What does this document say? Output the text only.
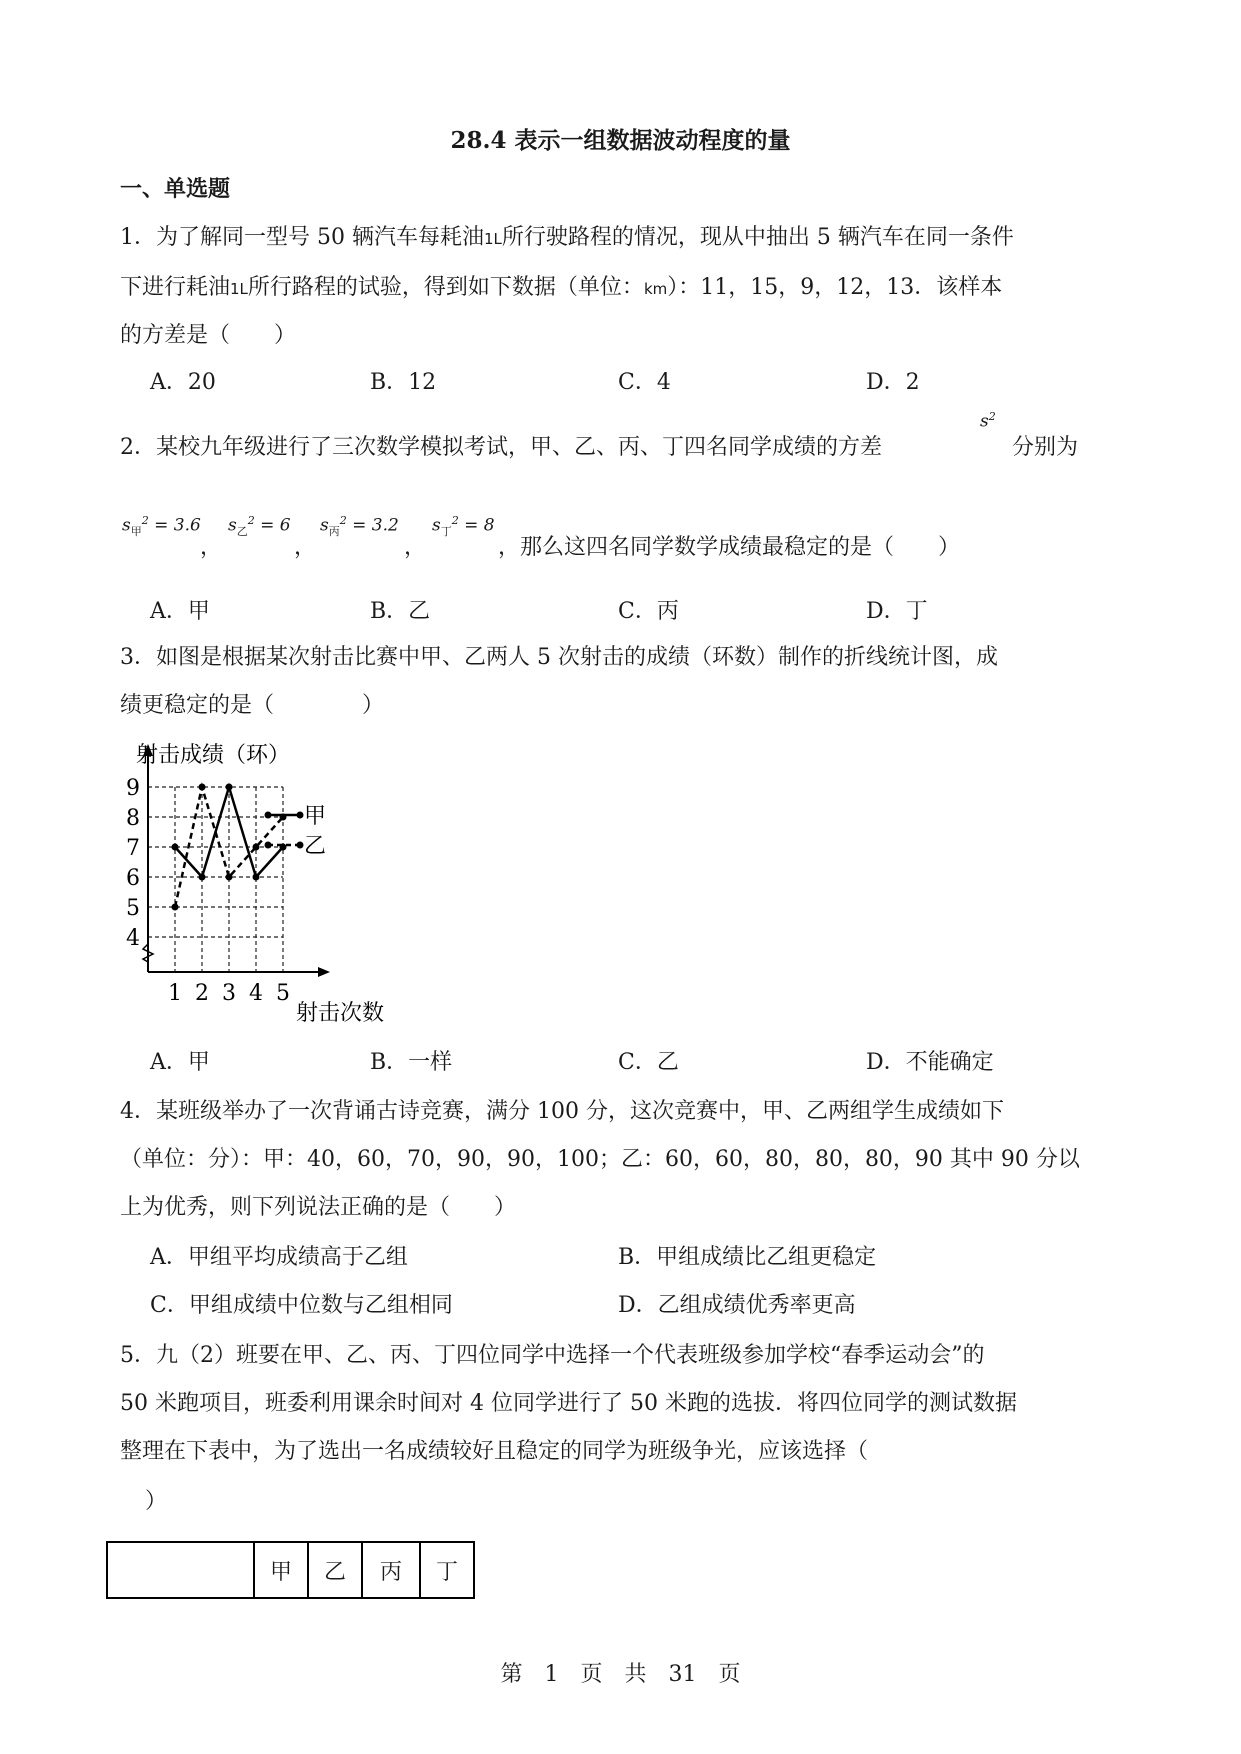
28.4 表示一组数据波动程度的量
一、单选题
1．为了解同一型号 50 辆汽车每耗油1L所行驶路程的情况，现从中抽出 5 辆汽车在同一条件
下进行耗油1L所行路程的试验，得到如下数据（单位：km）：11，15，9，12，13．该样本
的方差是（　　）
A．20	B．12	C．4	D．2
2．某校九年级进行了三次数学模拟考试，甲、乙、丙、丁四名同学成绩的方差
$s^2$
分别为
$s_甲^2 = 3.6$
，
$s_乙^2 = 6$
，
$s_丙^2 = 3.2$
，
$s_丁^2 = 8$
，那么这四名同学数学成绩最稳定的是（　　）
A．甲	B．乙	C．丙	D．丁
3．如图是根据某次射击比赛中甲、乙两人 5 次射击的成绩（环数）制作的折线统计图，成
绩更稳定的是（　　　　）
4
5
6
7
8
9
1 2 3 4 5
甲
乙
射击成绩（环）
射击次数
A．甲	B．一样	C．乙	D．不能确定
4．某班级举办了一次背诵古诗竞赛，满分 100 分，这次竞赛中，甲、乙两组学生成绩如下
（单位：分）：甲：40，60，70，90，90，100；乙：60，60，80，80，80，90 其中 90 分以
上为优秀，则下列说法正确的是（　　）
A．甲组平均成绩高于乙组	B．甲组成绩比乙组更稳定
C．甲组成绩中位数与乙组相同	D．乙组成绩优秀率更高
5．九（2）班要在甲、乙、丙、丁四位同学中选择一个代表班级参加学校“春季运动会”的
50 米跑项目，班委利用课余时间对 4 位同学进行了 50 米跑的选拔．将四位同学的测试数据
整理在下表中，为了选出一名成绩较好且稳定的同学为班级争光，应该选择（
）
	甲	乙	丙	丁
第　1　页　共　31　页
